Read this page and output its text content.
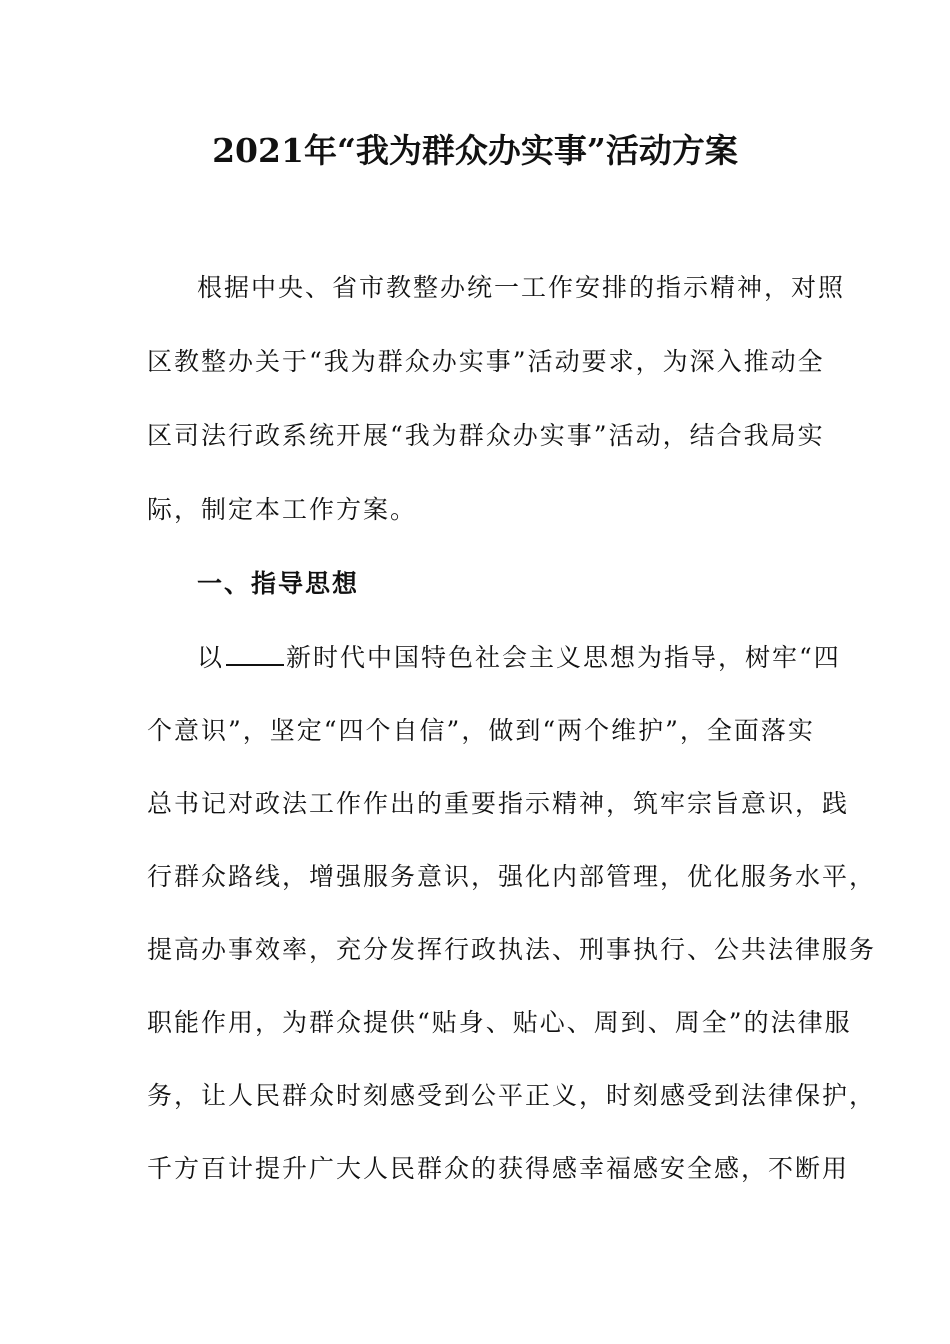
2021年“我为群众办实事”活动方案
根据中央、省市教整办统一工作安排的指示精神，对照
区教整办关于“我为群众办实事”活动要求，为深入推动全
区司法行政系统开展“我为群众办实事”活动，结合我局实
际，制定本工作方案。
一、指导思想
以 新时代中国特色社会主义思想为指导，树牢“四
个意识”，坚定“四个自信”，做到“两个维护”，全面落实
总书记对政法工作作出的重要指示精神，筑牢宗旨意识，践
行群众路线，增强服务意识，强化内部管理，优化服务水平，
提高办事效率，充分发挥行政执法、刑事执行、公共法律服务
职能作用，为群众提供“贴身、贴心、周到、周全”的法律服
务，让人民群众时刻感受到公平正义，时刻感受到法律保护，
千方百计提升广大人民群众的获得感幸福感安全感，不断用
